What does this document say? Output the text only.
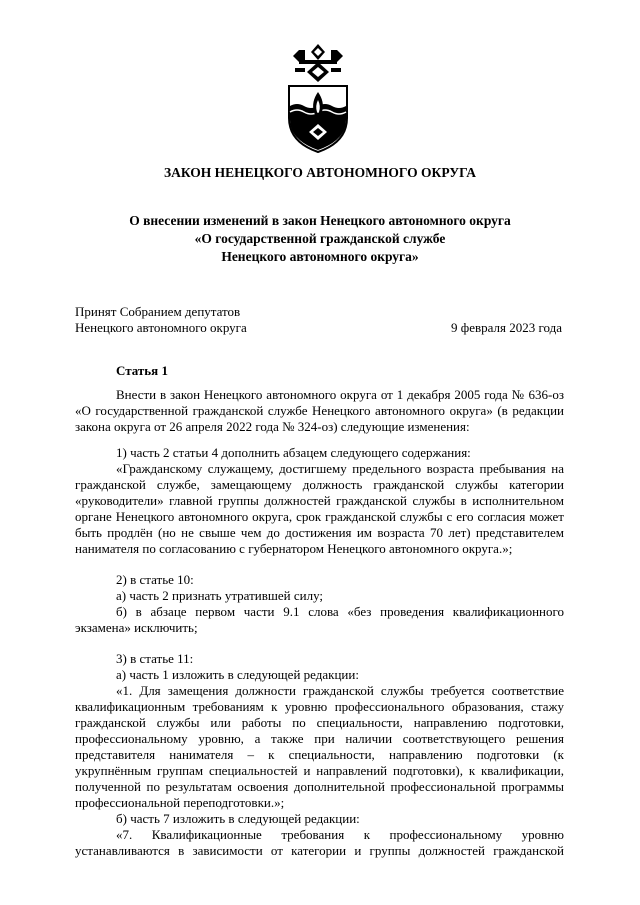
ЗАКОН НЕНЕЦКОГО АВТОНОМНОГО ОКРУГА
О внесении изменений в закон Ненецкого автономного округа
«О государственной гражданской службе
Ненецкого автономного округа»
Принят Собранием депутатов
Ненецкого автономного округа	9 февраля 2023 года
Статья 1

Внести в закон Ненецкого автономного округа от 1 декабря 2005 года № 636-оз «О государственной гражданской службе Ненецкого автономного округа» (в редакции закона округа от 26 апреля 2022 года № 324-оз) следующие изменения:

1) часть 2 статьи 4 дополнить абзацем следующего содержания:

«Гражданскому служащему, достигшему предельного возраста пребывания на гражданской службе, замещающему должность гражданской службы категории «руководители» главной группы должностей гражданской службы в исполнительном органе Ненецкого автономного округа, срок гражданской службы с его согласия может быть продлён (но не свыше чем до достижения им возраста 70 лет) представителем нанимателя по согласованию с губернатором Ненецкого автономного округа.»;

2) в статье 10:

а) часть 2 признать утратившей силу;

б) в абзаце первом части 9.1 слова «без проведения квалификационного экзамена» исключить;

3) в статье 11:

а) часть 1 изложить в следующей редакции:

«1. Для замещения должности гражданской службы требуется соответствие квалификационным требованиям к уровню профессионального образования, стажу гражданской службы или работы по специальности, направлению подготовки, профессиональному уровню, а также при наличии соответствующего решения представителя нанимателя – к специальности, направлению подготовки (к укрупнённым группам специальностей и направлений подготовки), к квалификации, полученной по результатам освоения дополнительной профессиональной программы профессиональной переподготовки.»;

б) часть 7 изложить в следующей редакции:

«7. Квалификационные требования к профессиональному уровню устанавливаются в зависимости от категории и группы должностей гражданской
